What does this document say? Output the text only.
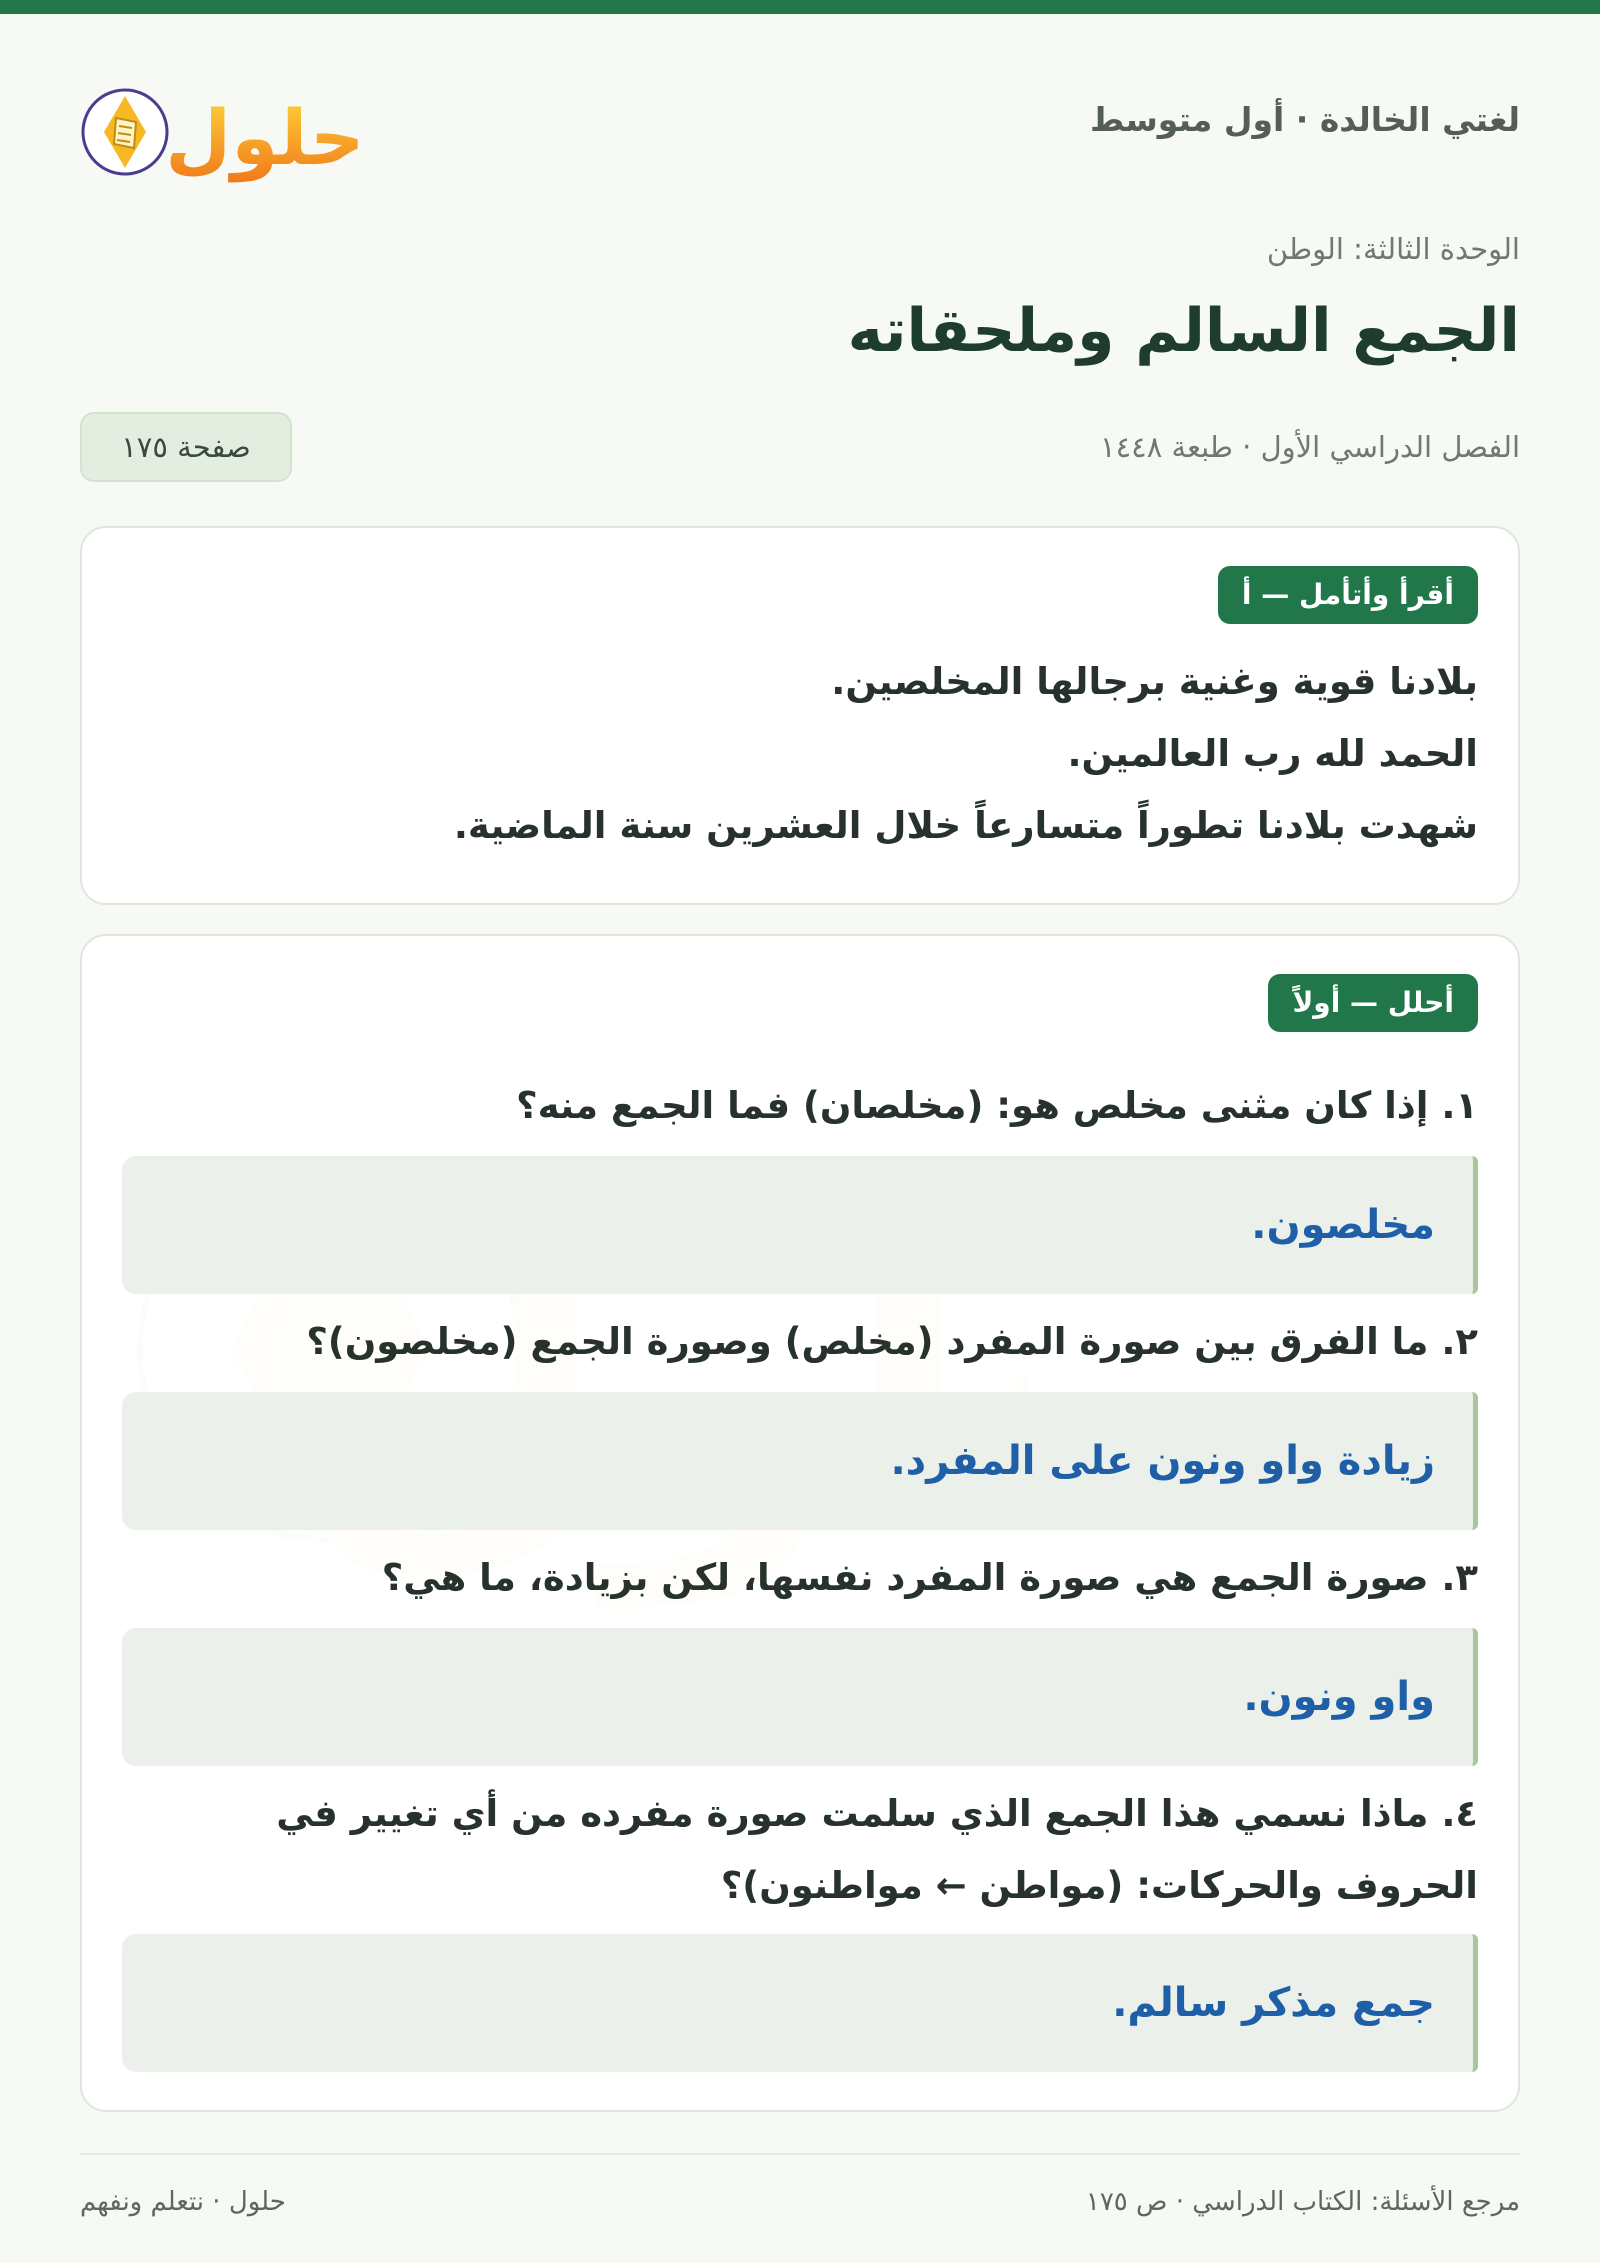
لغتي الخالدة · أول متوسط
حلول
الوحدة الثالثة: الوطن
الجمع السالم وملحقاته
الفصل الدراسي الأول · طبعة ١٤٤٨
صفحة ١٧٥
أقرأ وأتأمل — أ
بلادنا قوية وغنية برجالها المخلصين.
الحمد لله رب العالمين.
شهدت بلادنا تطوراً متسارعاً خلال العشرين سنة الماضية.
أحلل — أولاً
١. إذا كان مثنى مخلص هو: (مخلصان) فما الجمع منه؟
مخلصون.
٢. ما الفرق بين صورة المفرد (مخلص) وصورة الجمع (مخلصون)؟
زيادة واو ونون على المفرد.
٣. صورة الجمع هي صورة المفرد نفسها، لكن بزيادة، ما هي؟
واو ونون.
٤. ماذا نسمي هذا الجمع الذي سلمت صورة مفرده من أي تغيير في
الحروف والحركات: (مواطن ← مواطنون)؟
جمع مذكر سالم.
مرجع الأسئلة: الكتاب الدراسي · ص ١٧٥
حلول · نتعلم ونفهم
